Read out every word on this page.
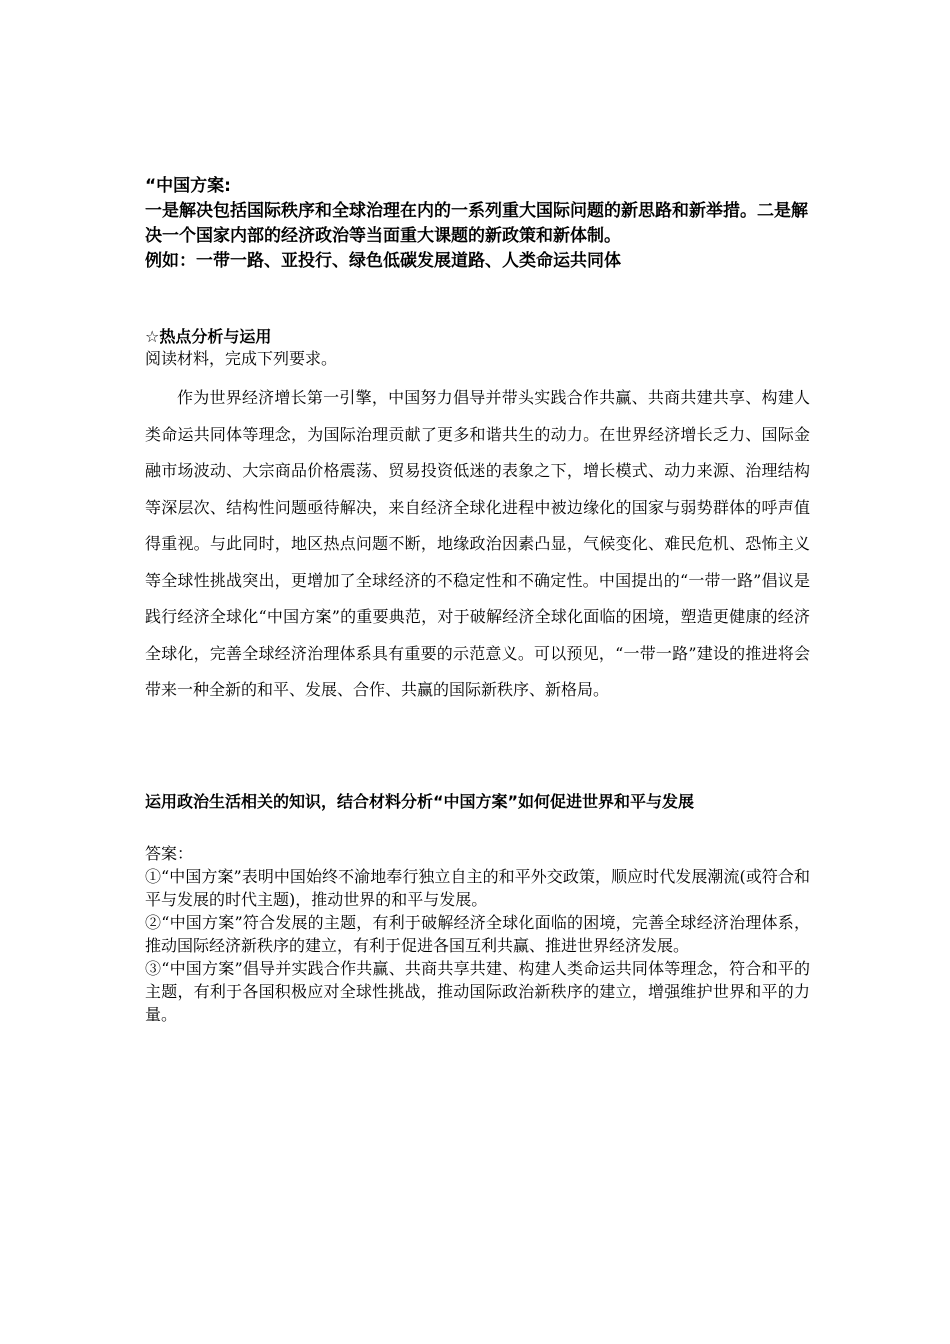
“中国方案:

一是解决包括国际秩序和全球治理在内的一系列重大国际问题的新思路和新举措。二是解决一个国家内部的经济政治等当面重大课题的新政策和新体制。

例如：一带一路、亚投行、绿色低碳发展道路、人类命运共同体

☆热点分析与运用

阅读材料，完成下列要求。

作为世界经济增长第一引擎，中国努力倡导并带头实践合作共赢、共商共建共享、构建人类命运共同体等理念，为国际治理贡献了更多和谐共生的动力。在世界经济增长乏力、国际金融市场波动、大宗商品价格震荡、贸易投资低迷的表象之下，增长模式、动力来源、治理结构等深层次、结构性问题亟待解决，来自经济全球化进程中被边缘化的国家与弱势群体的呼声值得重视。与此同时，地区热点问题不断，地缘政治因素凸显，气候变化、难民危机、恐怖主义等全球性挑战突出，更增加了全球经济的不稳定性和不确定性。中国提出的“一带一路”倡议是践行经济全球化“中国方案”的重要典范，对于破解经济全球化面临的困境，塑造更健康的经济全球化，完善全球经济治理体系具有重要的示范意义。可以预见，“一带一路”建设的推进将会带来一种全新的和平、发展、合作、共赢的国际新秩序、新格局。

运用政治生活相关的知识，结合材料分析“中国方案”如何促进世界和平与发展

答案：

①“中国方案”表明中国始终不渝地奉行独立自主的和平外交政策，顺应时代发展潮流(或符合和平与发展的时代主题)，推动世界的和平与发展。

②“中国方案”符合发展的主题，有利于破解经济全球化面临的困境，完善全球经济治理体系，推动国际经济新秩序的建立，有利于促进各国互利共赢、推进世界经济发展。

③“中国方案”倡导并实践合作共赢、共商共享共建、构建人类命运共同体等理念，符合和平的主题，有利于各国积极应对全球性挑战，推动国际政治新秩序的建立，增强维护世界和平的力量。
